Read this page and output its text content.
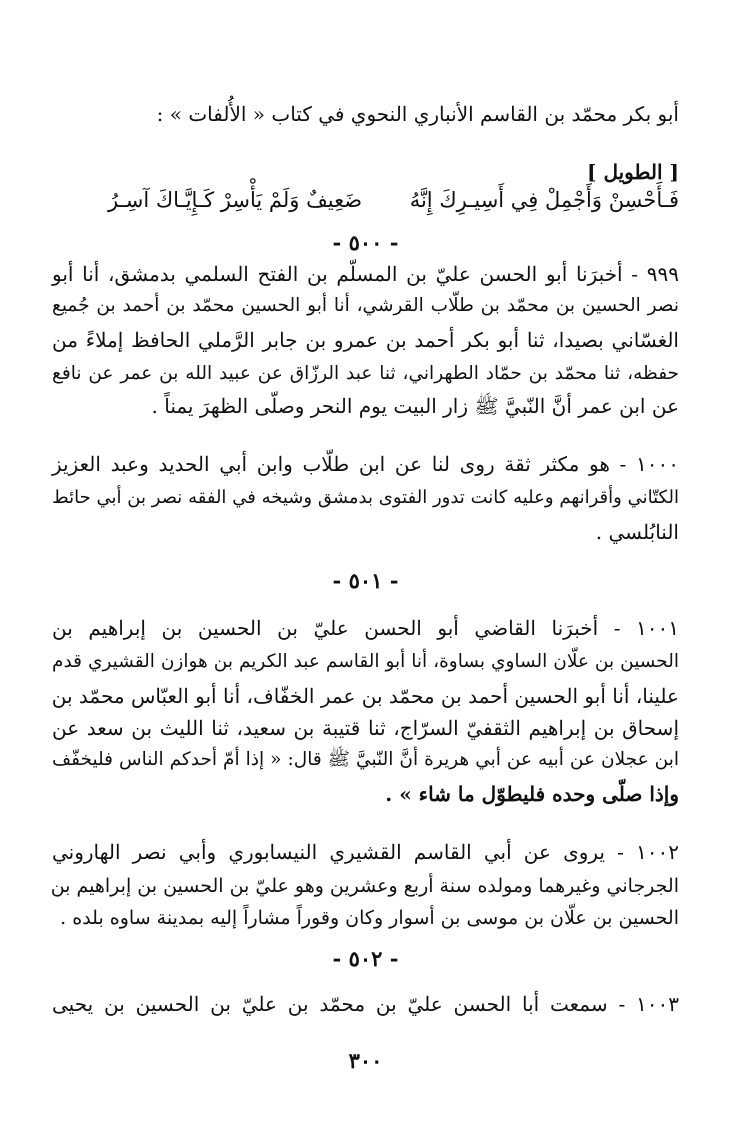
أبو بكر محمّد بن القاسم الأنباري النحوي في كتاب « الأُلفات » :
[ الطويل ]
فَـأَحْسِنْ وَأَجْمِلْ فِي أَسِيـرِكَ إِنَّهُ
ضَعِيفٌ وَلَمْ يَأْسِرْ كَـإِيَّـاكَ آسِـرُ
- ٥٠٠ -
٩٩٩ - أخبرَنا أبو الحسن عليّ بن المسلّم بن الفتح السلمي بدمشق، أنا أبو
نصر الحسين بن محمّد بن طلّاب القرشي، أنا أبو الحسين محمّد بن أحمد بن جُميع
الغسّاني بصيدا، ثنا أبو بكر أحمد بن عمرو بن جابر الرَّملي الحافظ إملاءً من
حفظه، ثنا محمّد بن حمّاد الطهراني، ثنا عبد الرزّاق عن عبيد الله بن عمر عن نافع
عن ابن عمر أنَّ النّبيَّ ﷺ زار البيت يوم النحر وصلّى الظهرَ يمناً .
١٠٠٠ - هو مكثر ثقة روى لنا عن ابن طلّاب وابن أبي الحديد وعبد العزيز
الكتّاني وأقرانهم وعليه كانت تدور الفتوى بدمشق وشيخه في الفقه نصر بن أبي حائط
النابُلسي .
- ٥٠١ -
١٠٠١ - أخبرَنا القاضي أبو الحسن عليّ بن الحسين بن إبراهيم بن
الحسين بن علّان الساوي بساوة، أنا أبو القاسم عبد الكريم بن هوازن القشيري قدم
علينا، أنا أبو الحسين أحمد بن محمّد بن عمر الخفّاف، أنا أبو العبّاس محمّد بن
إسحاق بن إبراهيم الثقفيّ السرّاج، ثنا قتيبة بن سعيد، ثنا الليث بن سعد عن
ابن عجلان عن أبيه عن أبي هريرة أنَّ النّبيَّ ﷺ قال: « إذا أمّ أحدكم الناس فليخفّف
وإذا صلّى وحده فليطوّل ما شاء » .
١٠٠٢ - يروى عن أبي القاسم القشيري النيسابوري وأبي نصر الهاروني
الجرجاني وغيرهما ومولده سنة أربع وعشرين وهو عليّ بن الحسين بن إبراهيم بن
الحسين بن علّان بن موسى بن أسوار وكان وقوراً مشاراً إليه بمدينة ساوه بلده .
- ٥٠٢ -
١٠٠٣ - سمعت أبا الحسن عليّ بن محمّد بن عليّ بن الحسين بن يحيى
٣٠٠
